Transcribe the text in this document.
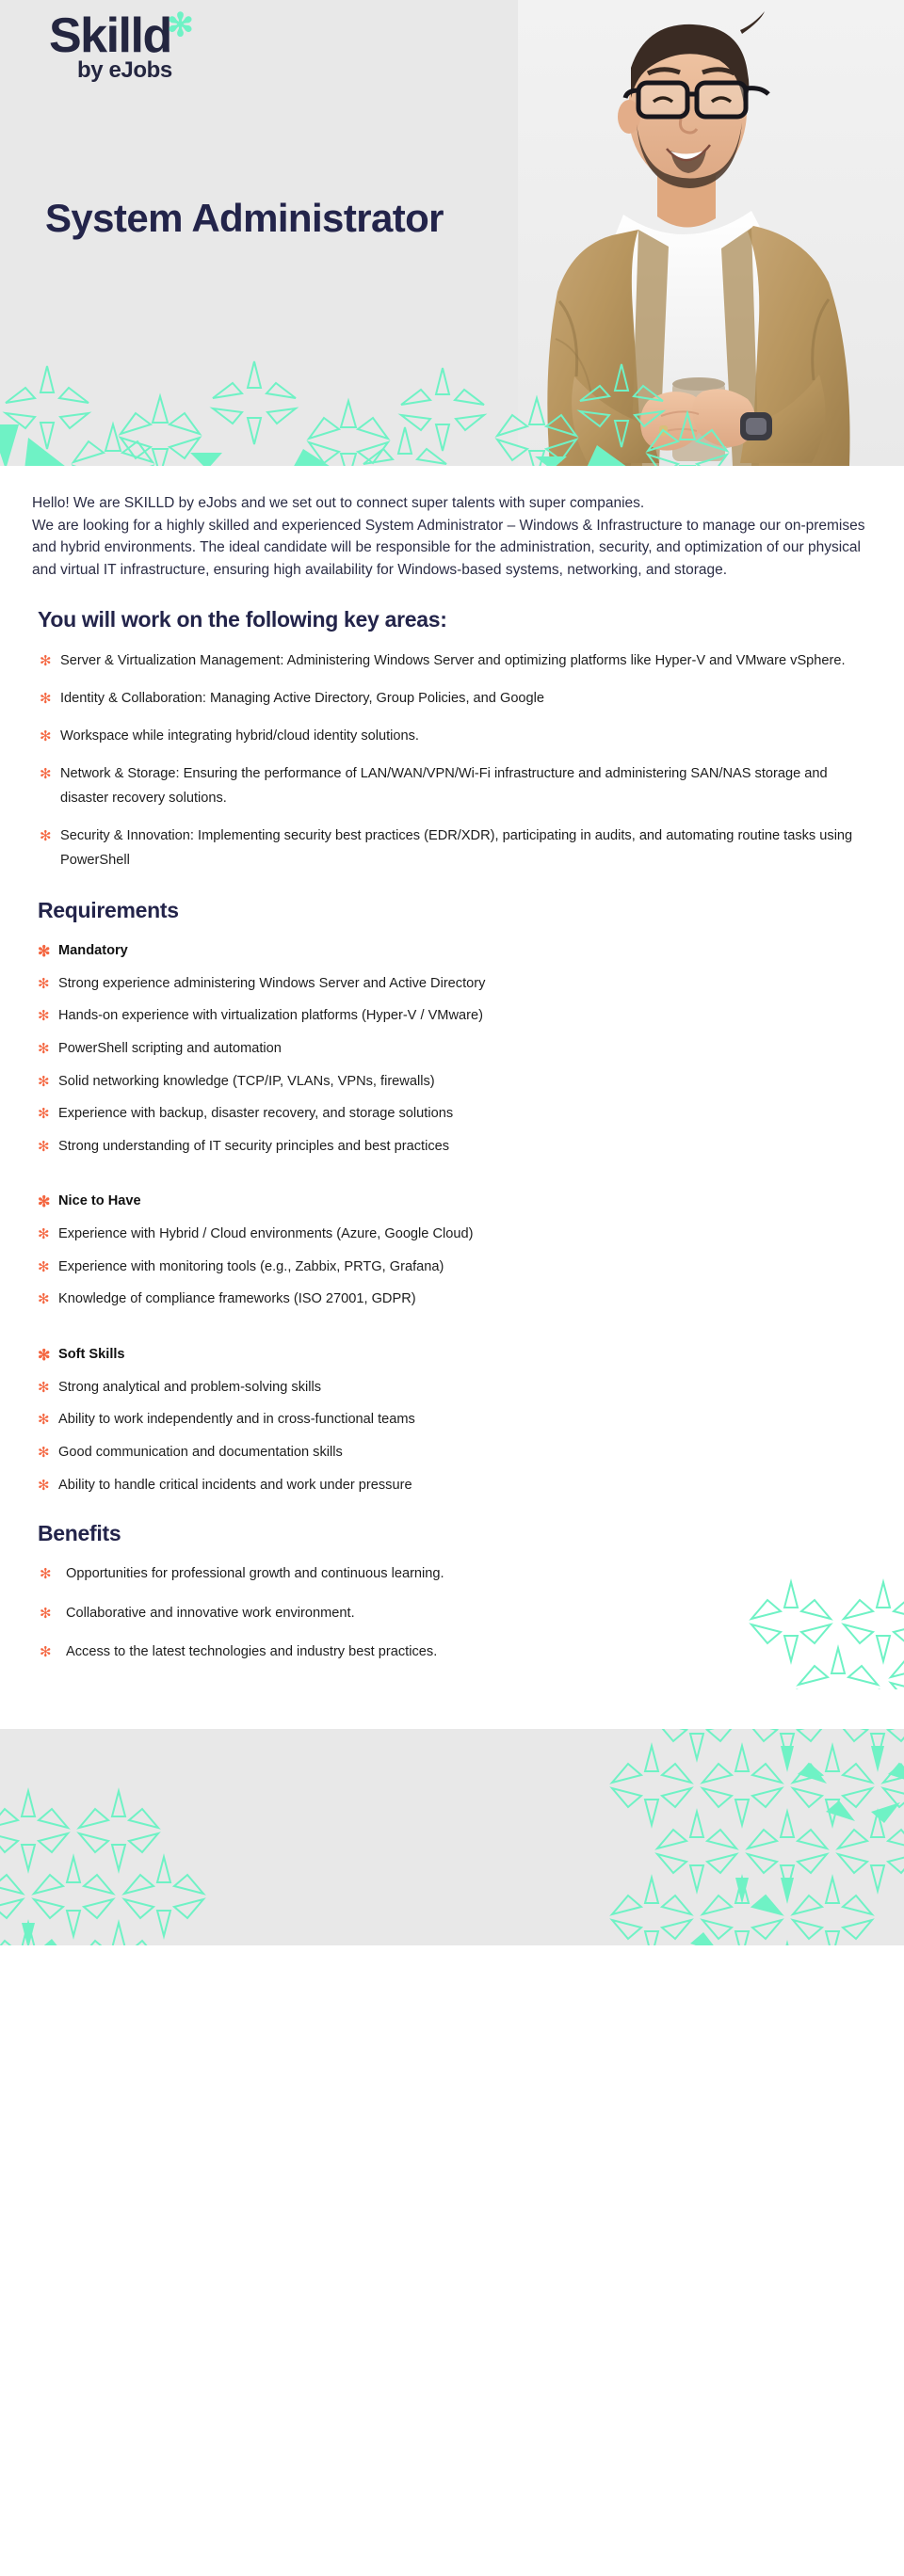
Skilld
✻
by eJobs
System Administrator

Hello! We are SKILLD by eJobs and we set out to connect super talents with super companies.

We are looking for a highly skilled and experienced System Administrator – Windows & Infrastructure to manage our on-premises and hybrid environments. The ideal candidate will be responsible for the administration, security, and optimization of our physical and virtual IT infrastructure, ensuring high availability for Windows-based systems, networking, and storage.

You will work on the following key areas:
✻ Server & Virtualization Management: Administering Windows Server and optimizing platforms like Hyper-V and VMware vSphere.
✻ Identity & Collaboration: Managing Active Directory, Group Policies, and Google
✻ Workspace while integrating hybrid/cloud identity solutions.
✻ Network & Storage: Ensuring the performance of LAN/WAN/VPN/Wi-Fi infrastructure and administering SAN/NAS storage and disaster recovery solutions.
✻ Security & Innovation: Implementing security best practices (EDR/XDR), participating in audits, and automating routine tasks using PowerShell
Requirements
✻ Mandatory
✻ Strong experience administering Windows Server and Active Directory
✻ Hands-on experience with virtualization platforms (Hyper-V / VMware)
✻ PowerShell scripting and automation
✻ Solid networking knowledge (TCP/IP, VLANs, VPNs, firewalls)
✻ Experience with backup, disaster recovery, and storage solutions
✻ Strong understanding of IT security principles and best practices
✻ Nice to Have
✻ Experience with Hybrid / Cloud environments (Azure, Google Cloud)
✻ Experience with monitoring tools (e.g., Zabbix, PRTG, Grafana)
✻ Knowledge of compliance frameworks (ISO 27001, GDPR)
✻ Soft Skills
✻ Strong analytical and problem-solving skills
✻ Ability to work independently and in cross-functional teams
✻ Good communication and documentation skills
✻ Ability to handle critical incidents and work under pressure
Benefits
✻ Opportunities for professional growth and continuous learning.
✻ Collaborative and innovative work environment.
✻ Access to the latest technologies and industry best practices.
